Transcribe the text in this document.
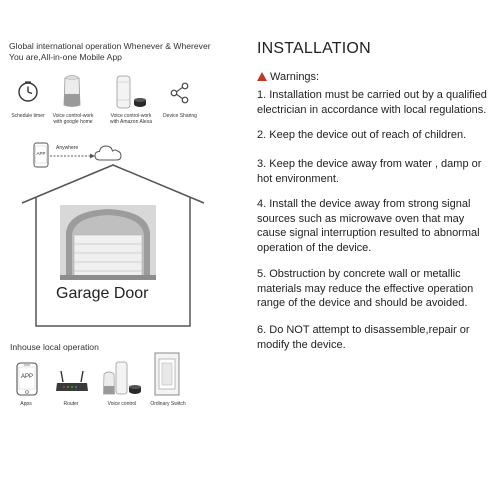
Global international operation Whenever & Wherever
You are,All-in-one Mobile App
Schedule timer	Voice control-work
with google home
Voice control-work
with Amazon Alexa
Device Sharing
APP
Anywhere
Garage Door
Inhouse local operation
APP
Apps	Router	Voice control	Ordinary Switch
INSTALLATION
Warnings:
1. Installation must be carried out by a qualified electrician in accordance with local regulations.
2. Keep the device out of reach of children.
3. Keep the device away from water , damp or hot environment.
4. Install the device away from strong signal sources such as microwave oven that may cause signal interruption resulted to abnormal operation of the device.
5. Obstruction by concrete wall or metallic materials may reduce the effective operation range of the device and should be avoided.
6. Do NOT attempt to disassemble,repair or modify the device.
